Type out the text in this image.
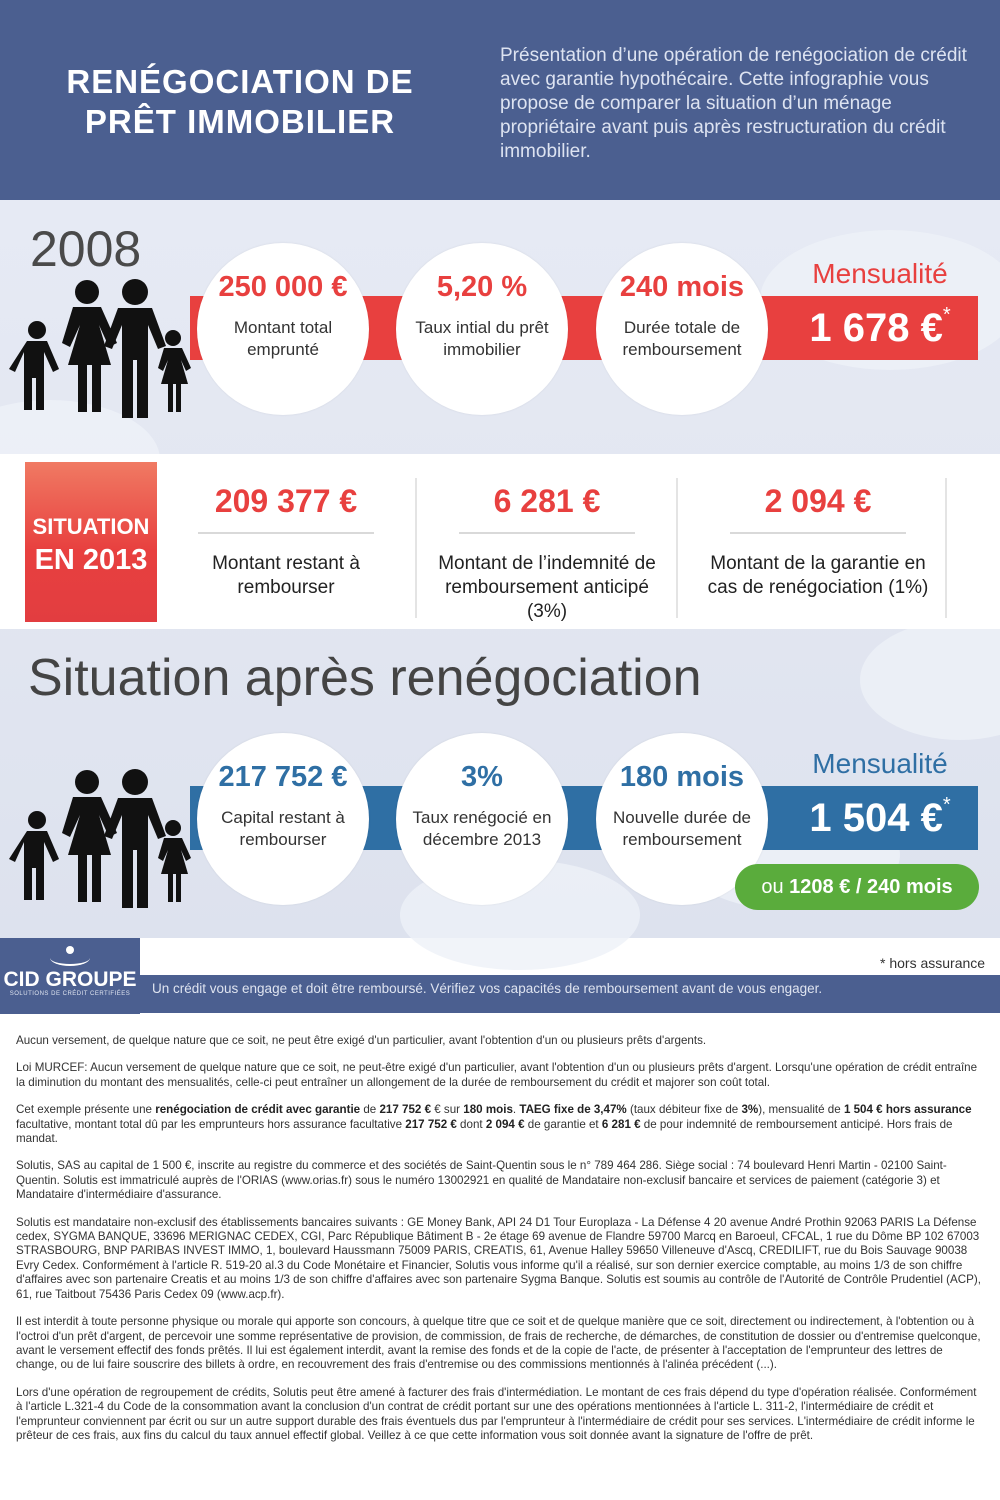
RENÉGOCIATION DE
PRÊT IMMOBILIER
Présentation d’une opération de renégociation de crédit avec garantie hypothécaire. Cette infographie vous propose de comparer la situation d’un ménage propriétaire avant puis après restructuration du crédit immobilier.
2008
250 000 €
Montant total emprunté
5,20 %
Taux intial du prêt immobilier
240 mois
Durée totale de remboursement
Mensualité
1 678 €*
SITUATION
EN 2013
209 377 €
Montant restant à rembourser
6 281 €
Montant de l’indemnité de remboursement anticipé (3%)
2 094 €
Montant de la garantie en cas de renégociation (1%)
Situation après renégociation
217 752 €
Capital restant à rembourser
3%
Taux renégocié en décembre 2013
180 mois
Nouvelle durée de remboursement
Mensualité
1 504 €*
ou 1208 € / 240 mois
CID GROUPE
SOLUTIONS DE CRÉDIT CERTIFIÉES
* hors assurance
Un crédit vous engage et doit être remboursé. Vérifiez vos capacités de remboursement avant de vous engager.

Aucun versement, de quelque nature que ce soit, ne peut être exigé d'un particulier, avant l'obtention d'un ou plusieurs prêts d'argents.

Loi MURCEF: Aucun versement de quelque nature que ce soit, ne peut-être exigé d'un particulier, avant l'obtention d'un ou plusieurs prêts d'argent. Lorsqu'une opération de crédit entraîne la diminution du montant des mensualités, celle-ci peut entraîner un allongement de la durée de remboursement du crédit et majorer son coût total.

Cet exemple présente une renégociation de crédit avec garantie de 217 752 € € sur 180 mois. TAEG fixe de 3,47% (taux débiteur fixe de 3%), mensualité de 1 504 € hors assurance facultative, montant total dû par les emprunteurs hors assurance facultative 217 752 € dont 2 094 € de garantie et 6 281 € de pour indemnité de remboursement anticipé. Hors frais de mandat.

Solutis, SAS au capital de 1 500 €, inscrite au registre du commerce et des sociétés de Saint-Quentin sous le n° 789 464 286. Siège social : 74 boulevard Henri Martin - 02100 Saint-Quentin. Solutis est immatriculé auprès de l'ORIAS (www.orias.fr) sous le numéro 13002921 en qualité de Mandataire non-exclusif bancaire et services de paiement (catégorie 3) et Mandataire d'intermédiaire d'assurance.

Solutis est mandataire non-exclusif des établissements bancaires suivants : GE Money Bank, API 24 D1 Tour Europlaza - La Défense 4 20 avenue André Prothin 92063 PARIS La Défense cedex, SYGMA BANQUE, 33696 MERIGNAC CEDEX, CGI, Parc République Bâtiment B - 2e étage 69 avenue de Flandre 59700 Marcq en Baroeul, CFCAL, 1 rue du Dôme BP 102 67003 STRASBOURG, BNP PARIBAS INVEST IMMO, 1, boulevard Haussmann 75009 PARIS, CREATIS, 61, Avenue Halley 59650 Villeneuve d'Ascq, CREDILIFT, rue du Bois Sauvage 90038 Evry Cedex. Conformément à l'article R. 519-20 al.3 du Code Monétaire et Financier, Solutis vous informe qu'il a réalisé, sur son dernier exercice comptable, au moins 1/3 de son chiffre d'affaires avec son partenaire Creatis et au moins 1/3 de son chiffre d'affaires avec son partenaire Sygma Banque. Solutis est soumis au contrôle de l'Autorité de Contrôle Prudentiel (ACP), 61, rue Taitbout 75436 Paris Cedex 09 (www.acp.fr).

Il est interdit à toute personne physique ou morale qui apporte son concours, à quelque titre que ce soit et de quelque manière que ce soit, directement ou indirectement, à l'obtention ou à l'octroi d'un prêt d'argent, de percevoir une somme représentative de provision, de commission, de frais de recherche, de démarches, de constitution de dossier ou d'entremise quelconque, avant le versement effectif des fonds prêtés. Il lui est également interdit, avant la remise des fonds et de la copie de l'acte, de présenter à l'acceptation de l'emprunteur des lettres de change, ou de lui faire souscrire des billets à ordre, en recouvrement des frais d'entremise ou des commissions mentionnés à l'alinéa précédent (...).

Lors d'une opération de regroupement de crédits, Solutis peut être amené à facturer des frais d'intermédiation. Le montant de ces frais dépend du type d'opération réalisée. Conformément à l'article L.321-4 du Code de la consommation avant la conclusion d'un contrat de crédit portant sur une des opérations mentionnées à l'article L. 311-2, l'intermédiaire de crédit et l'emprunteur conviennent par écrit ou sur un autre support durable des frais éventuels dus par l'emprunteur à l'intermédiaire de crédit pour ses services. L'intermédiaire de crédit informe le prêteur de ces frais, aux fins du calcul du taux annuel effectif global. Veillez à ce que cette information vous soit donnée avant la signature de l'offre de prêt.
